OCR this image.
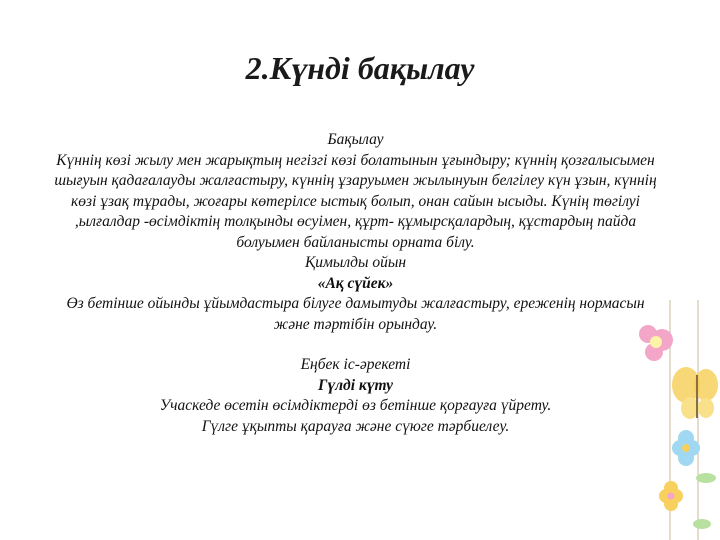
2.Күнді бақылау

Бақылау

Күннің көзі жылу мен жарықтың негізгі көзі болатынын ұғындыру; күннің қозғалысымен шығуын қадағалауды жалғастыру, күннің ұзаруымен жылынуын белгілеу күн ұзын, күннің көзі ұзақ тұрады, жоғары көтерілсе ыстық болып, онан сайын ысыды. Күнің төгілуі ,ылғалдар -өсімдіктің толқынды өсуімен, құрт- құмырсқалардың, құстардың пайда болуымен байланысты орната білу.

Қимылды ойын

«Ақ сүйек»

Өз бетінше ойынды ұйымдастыра білуге дамытуды жалғастыру, ереженің нормасын және тәртібін орындау.

Еңбек іс-әрекеті

Гүлді күту

Учаскеде өсетін өсімдіктерді өз бетінше қорғауға үйрету.

Гүлге ұқыпты қарауға және сүюге тәрбиелеу.
